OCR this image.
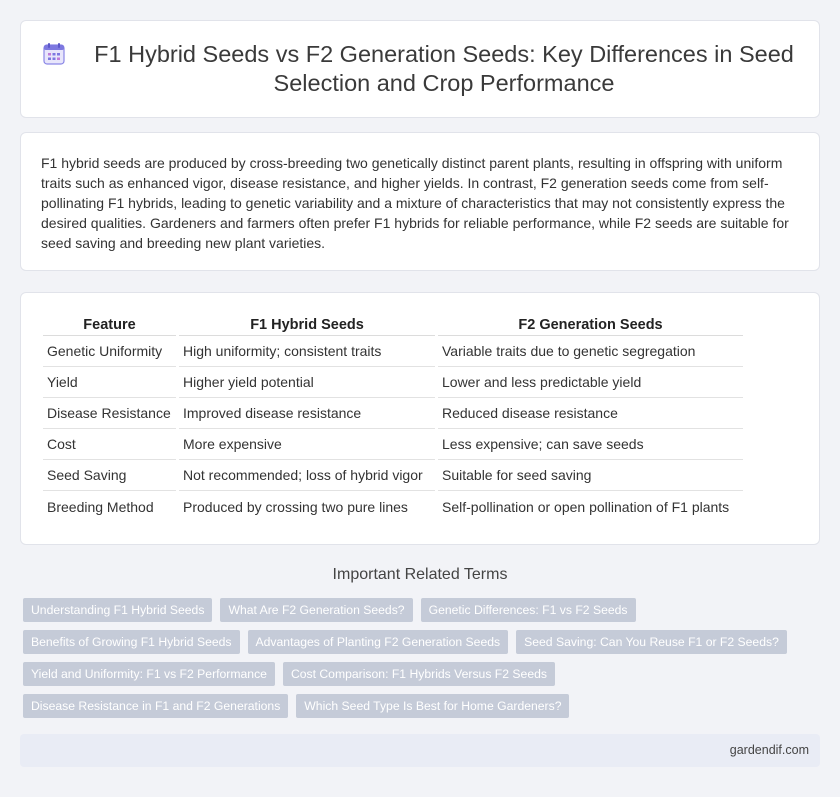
F1 Hybrid Seeds vs F2 Generation Seeds: Key Differences in Seed Selection and Crop Performance

F1 hybrid seeds are produced by cross-breeding two genetically distinct parent plants, resulting in offspring with uniform traits such as enhanced vigor, disease resistance, and higher yields. In contrast, F2 generation seeds come from self-pollinating F1 hybrids, leading to genetic variability and a mixture of characteristics that may not consistently express the desired qualities. Gardeners and farmers often prefer F1 hybrids for reliable performance, while F2 seeds are suitable for seed saving and breeding new plant varieties.

Feature	F1 Hybrid Seeds	F2 Generation Seeds
Genetic Uniformity	High uniformity; consistent traits	Variable traits due to genetic segregation
Yield	Higher yield potential	Lower and less predictable yield
Disease Resistance	Improved disease resistance	Reduced disease resistance
Cost	More expensive	Less expensive; can save seeds
Seed Saving	Not recommended; loss of hybrid vigor	Suitable for seed saving
Breeding Method	Produced by crossing two pure lines	Self-pollination or open pollination of F1 plants
Important Related Terms
Understanding F1 Hybrid Seeds	What Are F2 Generation Seeds?	Genetic Differences: F1 vs F2 Seeds
Benefits of Growing F1 Hybrid Seeds	Advantages of Planting F2 Generation Seeds	Seed Saving: Can You Reuse F1 or F2 Seeds?
Yield and Uniformity: F1 vs F2 Performance	Cost Comparison: F1 Hybrids Versus F2 Seeds
Disease Resistance in F1 and F2 Generations	Which Seed Type Is Best for Home Gardeners?
gardendif.com
